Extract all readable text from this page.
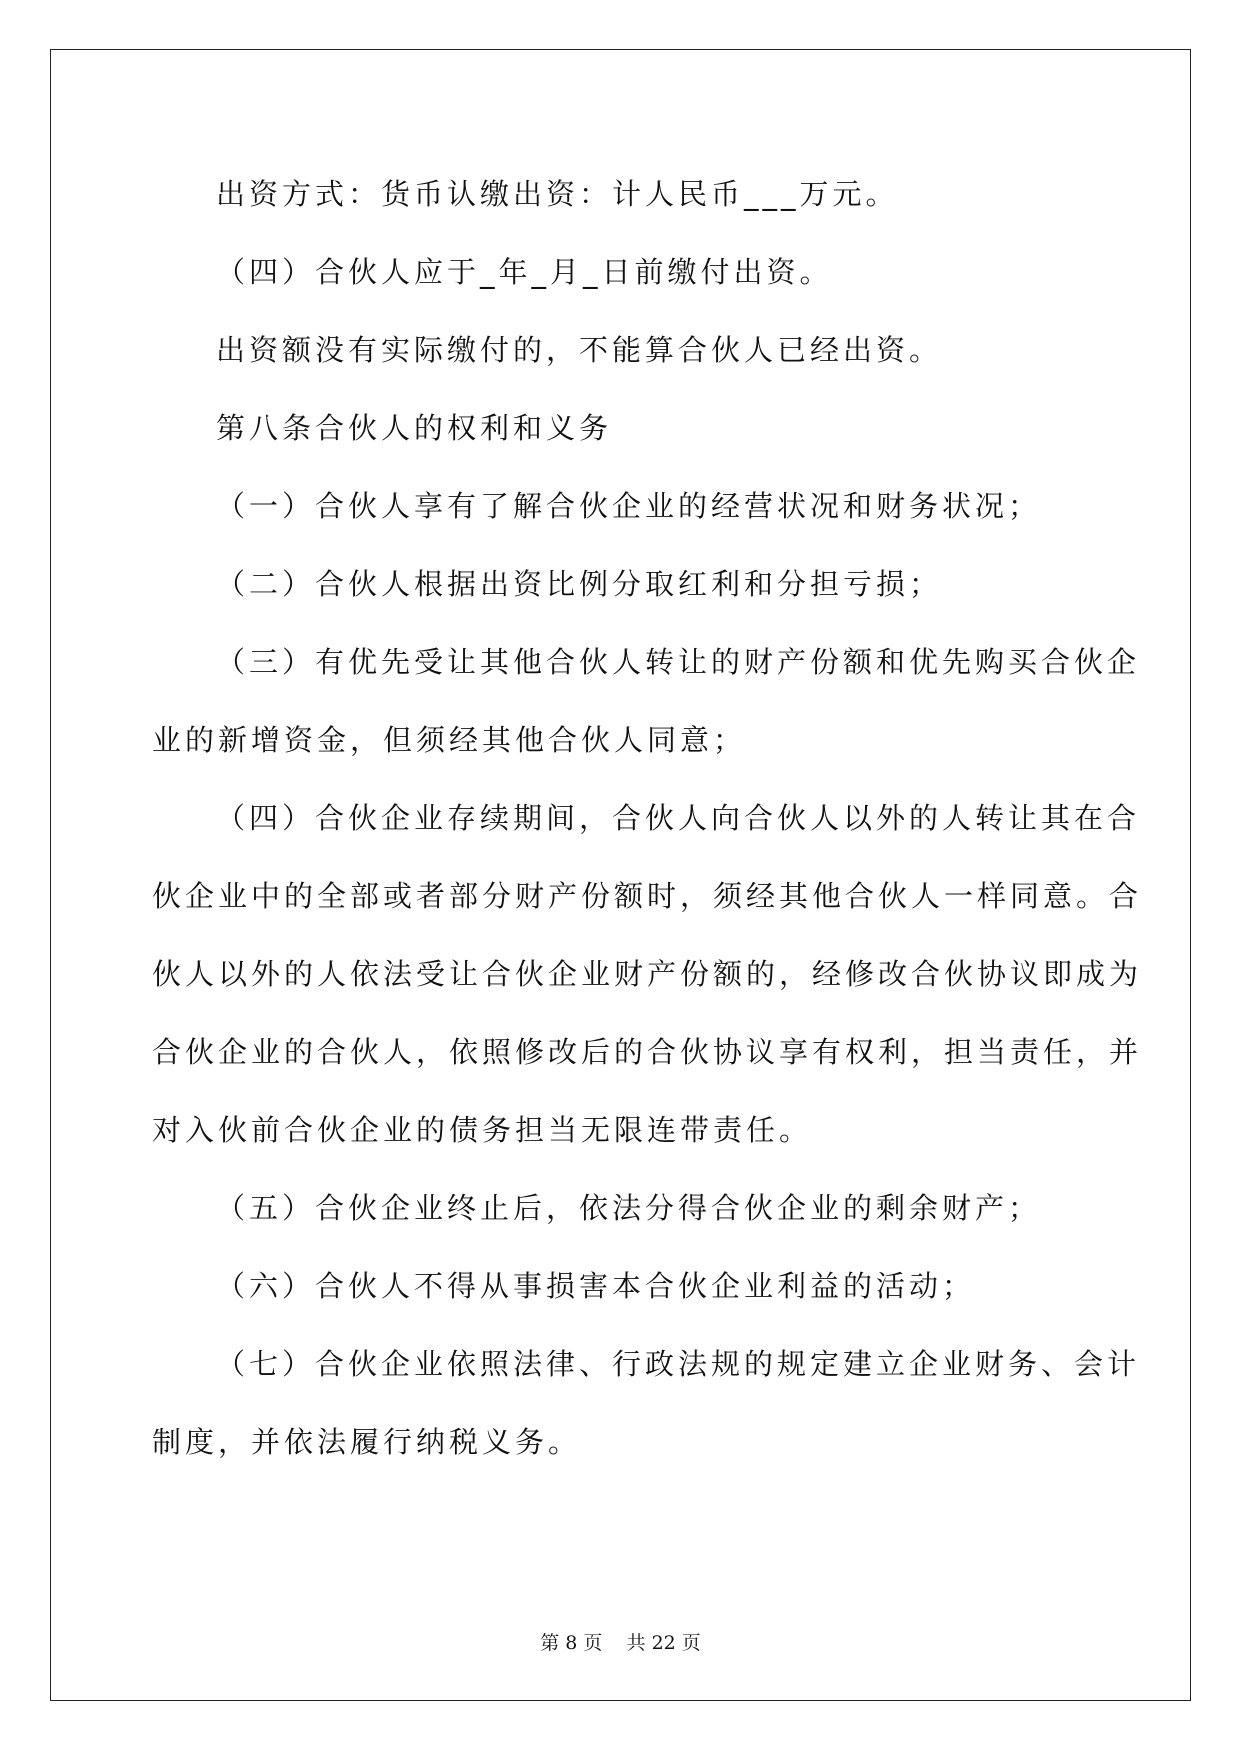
出资方式：货币认缴出资：计人民币___万元。

（四）合伙人应于_年_月_日前缴付出资。

出资额没有实际缴付的，不能算合伙人已经出资。

第八条合伙人的权利和义务

（一）合伙人享有了解合伙企业的经营状况和财务状况；

（二）合伙人根据出资比例分取红利和分担亏损；

（三）有优先受让其他合伙人转让的财产份额和优先购买合伙企

业的新增资金，但须经其他合伙人同意；

（四）合伙企业存续期间，合伙人向合伙人以外的人转让其在合

伙企业中的全部或者部分财产份额时，须经其他合伙人一样同意。合

伙人以外的人依法受让合伙企业财产份额的，经修改合伙协议即成为

合伙企业的合伙人，依照修改后的合伙协议享有权利，担当责任，并

对入伙前合伙企业的债务担当无限连带责任。

（五）合伙企业终止后，依法分得合伙企业的剩余财产；

（六）合伙人不得从事损害本合伙企业利益的活动；

（七）合伙企业依照法律、行政法规的规定建立企业财务、会计

制度，并依法履行纳税义务。

第 8 页    共 22 页
